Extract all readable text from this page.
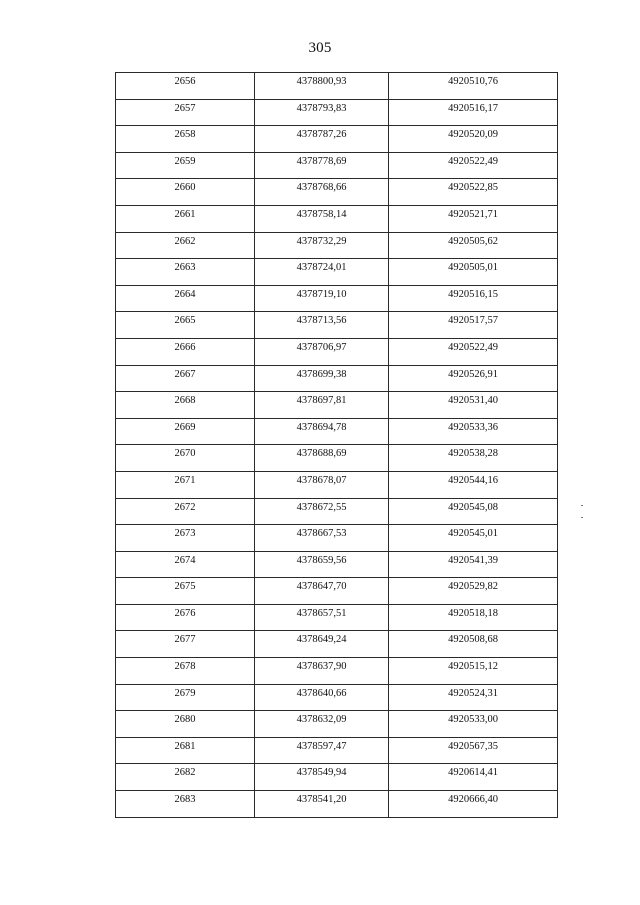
305
2656	4378800,93	4920510,76
2657	4378793,83	4920516,17
2658	4378787,26	4920520,09
2659	4378778,69	4920522,49
2660	4378768,66	4920522,85
2661	4378758,14	4920521,71
2662	4378732,29	4920505,62
2663	4378724,01	4920505,01
2664	4378719,10	4920516,15
2665	4378713,56	4920517,57
2666	4378706,97	4920522,49
2667	4378699,38	4920526,91
2668	4378697,81	4920531,40
2669	4378694,78	4920533,36
2670	4378688,69	4920538,28
2671	4378678,07	4920544,16
2672	4378672,55	4920545,08
2673	4378667,53	4920545,01
2674	4378659,56	4920541,39
2675	4378647,70	4920529,82
2676	4378657,51	4920518,18
2677	4378649,24	4920508,68
2678	4378637,90	4920515,12
2679	4378640,66	4920524,31
2680	4378632,09	4920533,00
2681	4378597,47	4920567,35
2682	4378549,94	4920614,41
2683	4378541,20	4920666,40
